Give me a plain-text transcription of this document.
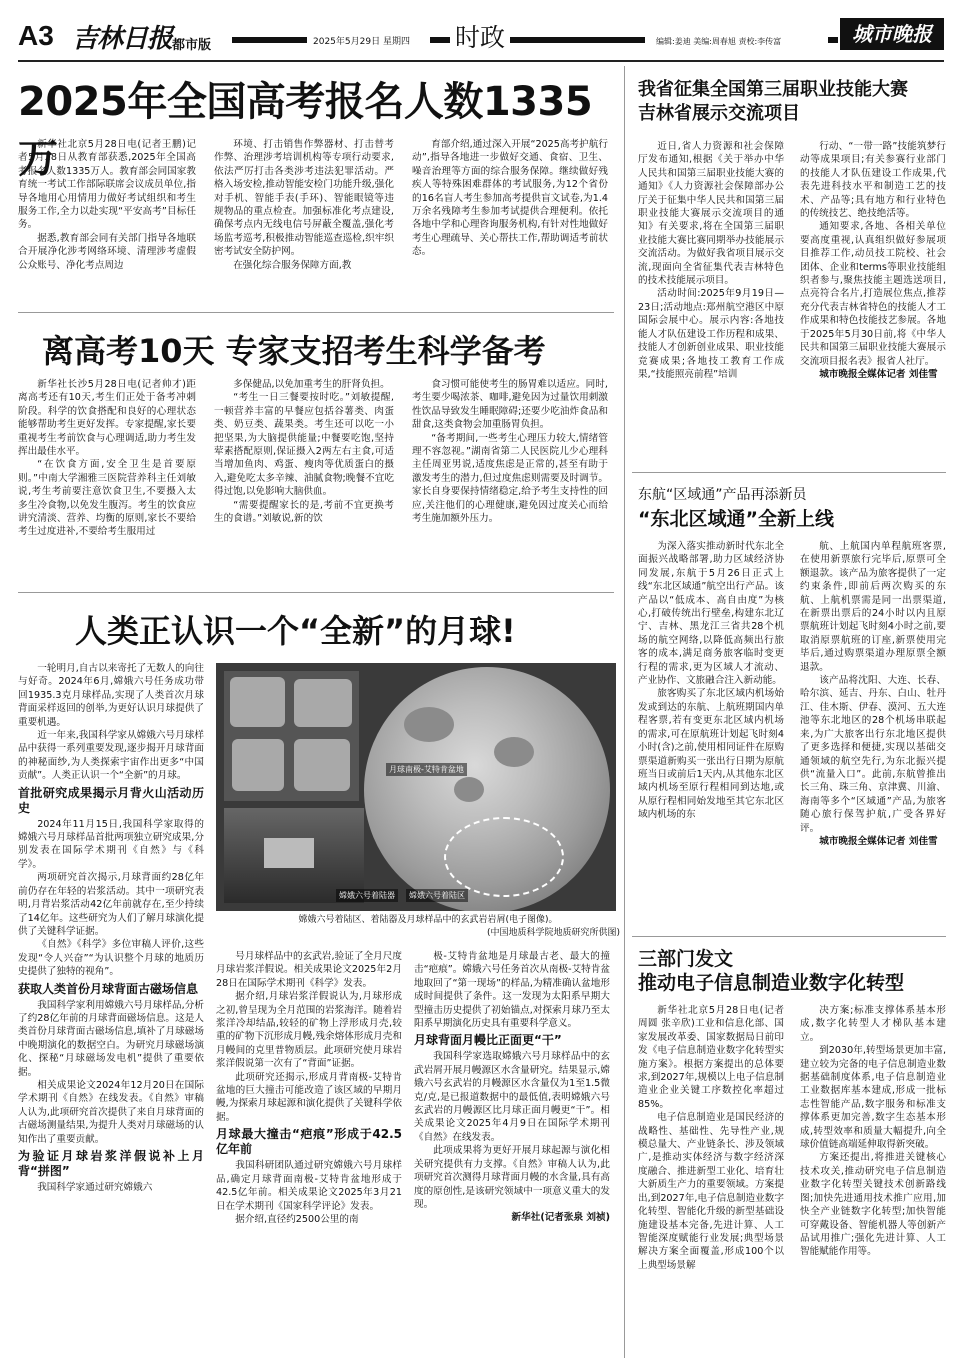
A3 吉林日报 都市版	2025年5月29日 星期四 时政	编辑:姜迪 美编:周春旭 责校:李传富	城市晚报
2025年全国高考报名人数1335万

新华社北京5月28日电(记者王鹏)记者5月28日从教育部获悉,2025年全国高考报名人数1335万人。教育部会同国家教育统一考试工作部际联席会议成员单位,指导各地用心用情用力做好考试组织和考生服务工作,全力以赴实现“平安高考”目标任务。

据悉,教育部会同有关部门指导各地联合开展净化涉考网络环境、清理涉考虚假公众账号、净化考点周边

环境、打击销售作弊器材、打击替考作弊、治理涉考培训机构等专项行动要求,依法严厉打击各类涉考违法犯罪活动。严格入场安检,推动智能安检门功能升级,强化对手机、智能手表(手环)、智能眼镜等违规物品的重点检查。加强标准化考点建设,确保考点内无线电信号屏蔽全覆盖,强化考场监考巡考,积极推动智能巡查巡检,织牢织密考试安全防护网。

在强化综合服务保障方面,教

育部介绍,通过深入开展“2025高考护航行动”,指导各地进一步做好交通、食宿、卫生、噪音治理等方面的综合服务保障。继续做好残疾人等特殊困难群体的考试服务,为12个省份的16名盲人考生参加高考提供盲文试卷,为1.4万余名残障考生参加考试提供合理便利。依托各地中学和心理咨询服务机构,有针对性地做好考生心理疏导、关心帮扶工作,帮助调适考前状态。

离高考10天 专家支招考生科学备考

新华社长沙5月28日电(记者帅才)距离高考还有10天,考生们正处于备考冲刺阶段。科学的饮食搭配和良好的心理状态能够帮助考生更好发挥。专家提醒,家长要重视考生考前饮食与心理调适,助力考生发挥出最佳水平。

“在饮食方面,安全卫生是首要原则。”中南大学湘雅三医院营养科主任刘敏说,考生考前要注意饮食卫生,不要摄入太多生冷食物,以免发生腹泻。考生的饮食应讲究清淡、营养、均衡的原则,家长不要给考生过度进补,不要给考生服用过

多保健品,以免加重考生的肝肾负担。

“考生一日三餐要按时吃。”刘敏提醒,一顿营养丰富的早餐应包括谷薯类、肉蛋类、奶豆类、蔬果类。考生还可以吃一小把坚果,为大脑提供能量;中餐要吃饱,坚持荤素搭配原则,保证摄入2两左右主食,可适当增加鱼肉、鸡蛋、瘦肉等优质蛋白的摄入,避免吃太多辛辣、油腻食物;晚餐不宜吃得过饱,以免影响大脑供血。

“需要提醒家长的是,考前不宜更换考生的食谱。”刘敏说,新的饮

食习惯可能使考生的肠胃难以适应。同时,考生要少喝浓茶、咖啡,避免因为过量饮用刺激性饮品导致发生睡眠障碍;还要少吃油炸食品和甜食,这类食物会加重肠胃负担。

“备考期间,一些考生心理压力较大,情绪管理不容忽视。”湖南省第二人民医院儿少心理科主任周亚男说,适度焦虑是正常的,甚至有助于激发考生的潜力,但过度焦虑则需要及时调节。家长自身要保持情绪稳定,给予考生支持性的回应,关注他们的心理健康,避免因过度关心而给考生施加额外压力。

人类正认识一个“全新”的月球!

一轮明月,自古以来寄托了无数人的向往与好奇。2024年6月,嫦娥六号任务成功带回1935.3克月球样品,实现了人类首次月球背面采样返回的创举,为更好认识月球提供了重要机遇。

近一年来,我国科学家从嫦娥六号月球样品中获得一系列重要发现,逐步揭开月球背面的神秘面纱,为人类探索宇宙作出更多“中国贡献”。人类正认识一个“全新”的月球。

首批研究成果揭示月背火山活动历史

2024年11月15日,我国科学家取得的嫦娥六号月球样品首批两项独立研究成果,分别发表在国际学术期刊《自然》与《科学》。

两项研究首次揭示,月球背面约28亿年前仍存在年轻的岩浆活动。其中一项研究表明,月背岩浆活动42亿年前就存在,至少持续了14亿年。这些研究为人们了解月球演化提供了关键科学证据。

《自然》《科学》多位审稿人评价,这些发现“令人兴奋”“为认识整个月球的地质历史提供了独特的视角”。

获取人类首份月球背面古磁场信息

我国科学家利用嫦娥六号月球样品,分析了约28亿年前的月球背面磁场信息。这是人类首份月球背面古磁场信息,填补了月球磁场中晚期演化的数据空白。为研究月球磁场演化、探秘“月球磁场发电机”提供了重要依据。

相关成果论文2024年12月20日在国际学术期刊《自然》在线发表。《自然》审稿人认为,此项研究首次提供了来自月球背面的古磁场测量结果,为提升人类对月球磁场的认知作出了重要贡献。

为验证月球岩浆洋假说补上月背“拼图”

我国科学家通过研究嫦娥六

月球南极-艾特肯盆地
嫦娥六号着陆器	嫦娥六号着陆区
嫦娥六号着陆区、着陆器及月球样品中的玄武岩岩屑(电子图像)。
(中国地质科学院地质研究所供图)

号月球样品中的玄武岩,验证了全月尺度月球岩浆洋假说。相关成果论文2025年2月28日在国际学术期刊《科学》发表。

据介绍,月球岩浆洋假说认为,月球形成之初,曾呈现为全月范围的岩浆海洋。随着岩浆洋冷却结晶,较轻的矿物上浮形成月壳,较重的矿物下沉形成月幔,残余熔体形成月壳和月幔间的克里普物质层。此项研究使月球岩浆洋假说第一次有了“背面”证据。

此项研究还揭示,形成月背南极-艾特肯盆地的巨大撞击可能改造了该区域的早期月幔,为探索月球起源和演化提供了关键科学依据。

月球最大撞击“疤痕”形成于42.5亿年前

我国科研团队通过研究嫦娥六号月球样品,确定月球背面南极-艾特肯盆地形成于42.5亿年前。相关成果论文2025年3月21日在学术期刊《国家科学评论》发表。

据介绍,直径约2500公里的南

极-艾特肯盆地是月球最古老、最大的撞击“疤痕”。嫦娥六号任务首次从南极-艾特肯盆地取回了“第一现场”的样品,为精准确认盆地形成时间提供了条件。这一发现为太阳系早期大型撞击历史提供了初始锚点,对探索月球乃至太阳系早期演化历史具有重要科学意义。

月球背面月幔比正面更“干”

我国科学家选取嫦娥六号月球样品中的玄武岩屑开展月幔源区水含量研究。结果显示,嫦娥六号玄武岩的月幔源区水含量仅为1至1.5微克/克,是已报道数据中的最低值,表明嫦娥六号玄武岩的月幔源区比月球正面月幔更“干”。相关成果论文2025年4月9日在国际学术期刊《自然》在线发表。

此项成果将为更好开展月球起源与演化相关研究提供有力支撑。《自然》审稿人认为,此项研究首次测得月球背面月幔的水含量,具有高度的原创性,是该研究领域中一项意义重大的发现。

新华社(记者张泉 刘祯)

我省征集全国第三届职业技能大赛
吉林省展示交流项目

近日,省人力资源和社会保障厅发布通知,根据《关于举办中华人民共和国第三届职业技能大赛的通知》《人力资源社会保障部办公厅关于征集中华人民共和国第三届职业技能大赛展示交流项目的通知》有关要求,将在全国第三届职业技能大赛比赛同期举办技能展示交流活动。为做好我省项目展示交流,现面向全省征集代表吉林特色的技术技能展示项目。

活动时间:2025年9月19日—23日;活动地点:郑州航空港区中原国际会展中心。展示内容:各地技能人才队伍建设工作历程和成果、技能人才创新创业成果、职业技能竞赛成果;各地技工教育工作成果,“技能照亮前程”培训

行动、“一带一路”技能筑梦行动等成果项目;有关参赛行业部门的技能人才队伍建设工作成果,代表先进科技水平和制造工艺的技术、产品等;具有地方和行业特色的传统技艺、绝技绝活等。

通知要求,各地、各相关单位要高度重视,认真组织做好参展项目推荐工作,动员技工院校、社会团体、企业和terms等职业技能组织者参与,聚焦技能主题选送项目,点亮符合名片,打造展位焦点,推荐充分代表吉林省特色的技能人才工作成果和特色技能技艺参展。各地于2025年5月30日前,将《中华人民共和国第三届职业技能大赛展示交流项目报名表》报省人社厅。

城市晚报全媒体记者 刘佳雪

东航“区域通”产品再添新员
“东北区域通”全新上线

为深入落实推动新时代东北全面振兴战略部署,助力区域经济协同发展,东航于5月26日正式上线“东北区域通”航空出行产品。该产品以“低成本、高自由度”为核心,打破传统出行壁垒,构建东北辽宁、吉林、黑龙江三省共28个机场的航空网络,以降低高频出行旅客的成本,满足商务旅客临时变更行程的需求,更为区域人才流动、产业协作、文旅融合注入新动能。

旅客购买了东北区域内机场始发或到达的东航、上航班期国内单程客票,若有变更东北区域内机场的需求,可在原航班计划起飞时刻4小时(含)之前,使用相同证件在原购票渠道新购买一张出行日期为原航班当日或前后1天内,从其他东北区域内机场至原行程相同到达地,或从原行程相同始发地至其它东北区域内机场的东

航、上航国内单程航班客票,在使用新票旅行完毕后,原票可全额退款。该产品为旅客提供了一定约束条件,即前后两次购买的东航、上航机票需是同一出票渠道,在新票出票后的24小时以内且原票航班计划起飞时刻4小时之前,要取消原票航班的订座,新票使用完毕后,通过购票渠道办理原票全额退款。

该产品将沈阳、大连、长春、哈尔滨、延吉、丹东、白山、牡丹江、佳木斯、伊春、漠河、五大连池等东北地区的28个机场串联起来,为广大旅客出行东北地区提供了更多选择和便捷,实现以基础交通领域的航空先行,为东北振兴提供“流量入口”。此前,东航曾推出长三角、珠三角、京津冀、川渝、海南等多个“区域通”产品,为旅客随心旅行保驾护航,广受各界好评。

城市晚报全媒体记者 刘佳雪

三部门发文
推动电子信息制造业数字化转型

新华社北京5月28日电(记者周圆 张辛欣)工业和信息化部、国家发展改革委、国家数据局日前印发《电子信息制造业数字化转型实施方案》。根据方案提出的总体要求,到2027年,规模以上电子信息制造业企业关键工序数控化率超过85%。

电子信息制造业是国民经济的战略性、基础性、先导性产业,规模总量大、产业链条长、涉及领域广,是推动实体经济与数字经济深度融合、推进新型工业化、培育壮大新质生产力的重要领域。方案提出,到2027年,电子信息制造业数字化转型、智能化升级的新型基础设施建设基本完备,先进计算、人工智能深度赋能行业发展;典型场景解决方案全面覆盖,形成100个以上典型场景解

决方案;标准支撑体系基本形成,数字化转型人才梯队基本建立。

到2030年,转型场景更加丰富,建立较为完备的电子信息制造业数据基础制度体系,电子信息制造业工业数据库基本建成,形成一批标志性智能产品,数字服务和标准支撑体系更加完善,数字生态基本形成,转型效率和质量大幅提升,向全球价值链高端延伸取得新突破。

方案还提出,将推进关键核心技术攻关,推动研究电子信息制造业数字化转型关键技术创新路线图;加快先进通用技术推广应用,加快全产业链数字化转型;加快智能可穿戴设备、智能机器人等创新产品试用推广;强化先进计算、人工智能赋能作用等。
